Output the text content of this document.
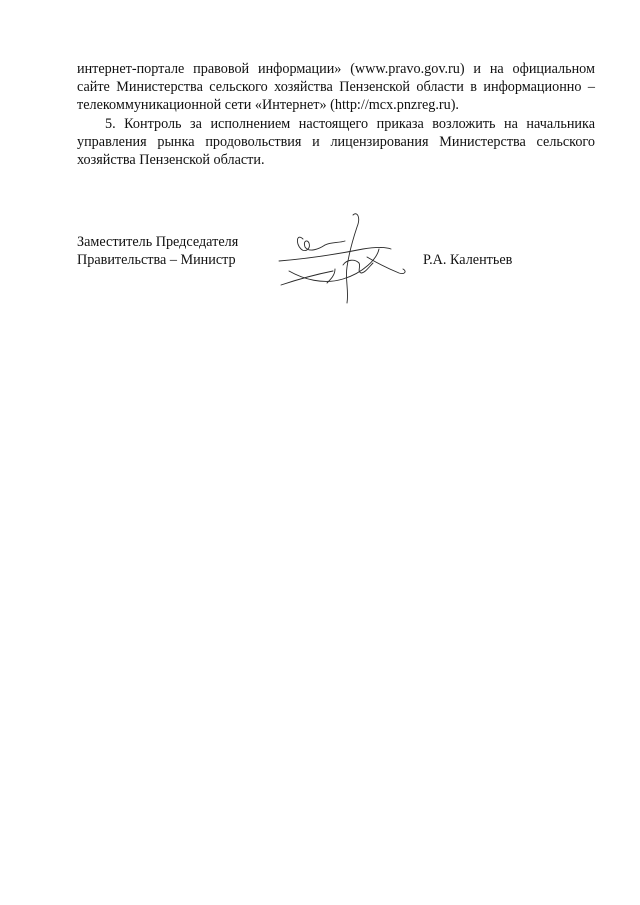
интернет-портале правовой информации» (www.pravo.gov.ru) и на официальном сайте Министерства сельского хозяйства Пензенской области в информационно – телекоммуникационной сети «Интернет» (http://mcx.pnzreg.ru).

5. Контроль за исполнением настоящего приказа возложить на начальника управления рынка продовольствия и лицензирования Министерства сельского хозяйства Пензенской области.

Заместитель Председателя
Правительства – Министр	Р.А. Калентьев
